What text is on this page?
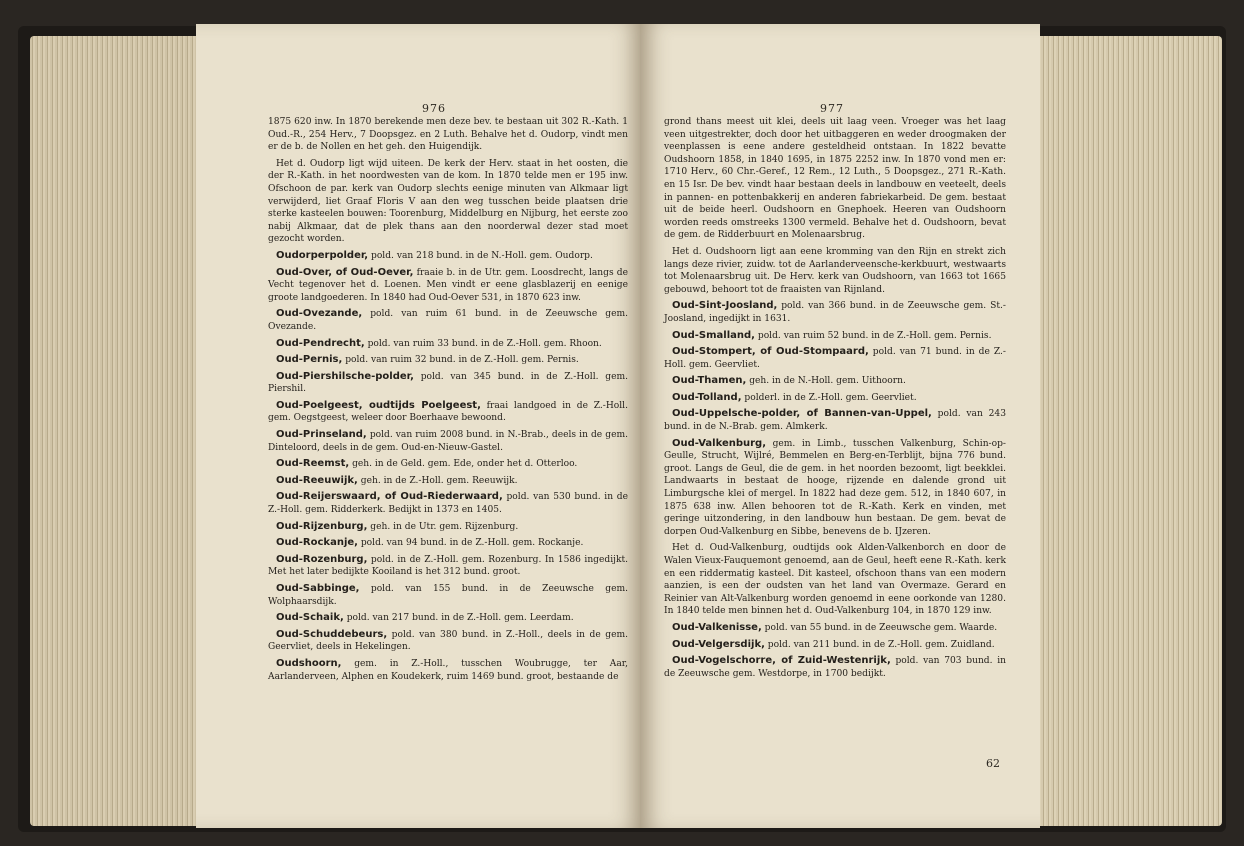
976

1875 620 inw. In 1870 berekende men deze bev. te bestaan uit 302 R.-Kath. 1 Oud.-R., 254 Herv., 7 Doopsgez. en 2 Luth. Behalve het d. Oudorp, vindt men er de b. de Nollen en het geh. den Huigendijk.

Het d. Oudorp ligt wijd uiteen. De kerk der Herv. staat in het oosten, die der R.-Kath. in het noordwesten van de kom. In 1870 telde men er 195 inw. Ofschoon de par. kerk van Oudorp slechts eenige minuten van Alkmaar ligt verwijderd, liet Graaf Floris V aan den weg tusschen beide plaatsen drie sterke kasteelen bouwen: Toorenburg, Middelburg en Nijburg, het eerste zoo nabij Alkmaar, dat de plek thans aan den noorderwal dezer stad moet gezocht worden.

Oudorperpolder, pold. van 218 bund. in de N.-Holl. gem. Oudorp.

Oud-Over, of Oud-Oever, fraaie b. in de Utr. gem. Loosdrecht, langs de Vecht tegenover het d. Loenen. Men vindt er eene glasblazerij en eenige groote landgoederen. In 1840 had Oud-Oever 531, in 1870 623 inw.

Oud-Ovezande, pold. van ruim 61 bund. in de Zeeuwsche gem. Ovezande.

Oud-Pendrecht, pold. van ruim 33 bund. in de Z.-Holl. gem. Rhoon.

Oud-Pernis, pold. van ruim 32 bund. in de Z.-Holl. gem. Pernis.

Oud-Piershilsche-polder, pold. van 345 bund. in de Z.-Holl. gem. Piershil.

Oud-Poelgeest, oudtijds Poelgeest, fraai landgoed in de Z.-Holl. gem. Oegstgeest, weleer door Boerhaave bewoond.

Oud-Prinseland, pold. van ruim 2008 bund. in N.-Brab., deels in de gem. Dinteloord, deels in de gem. Oud-en-Nieuw-Gastel.

Oud-Reemst, geh. in de Geld. gem. Ede, onder het d. Otterloo.

Oud-Reeuwijk, geh. in de Z.-Holl. gem. Reeuwijk.

Oud-Reijerswaard, of Oud-Riederwaard, pold. van 530 bund. in de Z.-Holl. gem. Ridderkerk. Bedijkt in 1373 en 1405.

Oud-Rijzenburg, geh. in de Utr. gem. Rijzenburg.

Oud-Rockanje, pold. van 94 bund. in de Z.-Holl. gem. Rockanje.

Oud-Rozenburg, pold. in de Z.-Holl. gem. Rozenburg. In 1586 ingedijkt. Met het later bedijkte Kooiland is het 312 bund. groot.

Oud-Sabbinge, pold. van 155 bund. in de Zeeuwsche gem. Wolphaarsdijk.

Oud-Schaik, pold. van 217 bund. in de Z.-Holl. gem. Leerdam.

Oud-Schuddebeurs, pold. van 380 bund. in Z.-Holl., deels in de gem. Geervliet, deels in Hekelingen.

Oudshoorn, gem. in Z.-Holl., tusschen Woubrugge, ter Aar, Aarlanderveen, Alphen en Koudekerk, ruim 1469 bund. groot, bestaande de

977

grond thans meest uit klei, deels uit laag veen. Vroeger was het laag veen uitgestrekter, doch door het uitbaggeren en weder droogmaken der veenplassen is eene andere gesteldheid ontstaan. In 1822 bevatte Oudshoorn 1858, in 1840 1695, in 1875 2252 inw. In 1870 vond men er: 1710 Herv., 60 Chr.-Geref., 12 Rem., 12 Luth., 5 Doopsgez., 271 R.-Kath. en 15 Isr. De bev. vindt haar bestaan deels in landbouw en veeteelt, deels in pannen- en pottenbakkerij en anderen fabriekarbeid. De gem. bestaat uit de beide heerl. Oudshoorn en Gnephoek. Heeren van Oudshoorn worden reeds omstreeks 1300 vermeld. Behalve het d. Oudshoorn, bevat de gem. de Ridderbuurt en Molenaarsbrug.

Het d. Oudshoorn ligt aan eene kromming van den Rijn en strekt zich langs deze rivier, zuidw. tot de Aarlanderveensche-kerkbuurt, westwaarts tot Molenaarsbrug uit. De Herv. kerk van Oudshoorn, van 1663 tot 1665 gebouwd, behoort tot de fraaisten van Rijnland.

Oud-Sint-Joosland, pold. van 366 bund. in de Zeeuwsche gem. St.-Joosland, ingedijkt in 1631.

Oud-Smalland, pold. van ruim 52 bund. in de Z.-Holl. gem. Pernis.

Oud-Stompert, of Oud-Stompaard, pold. van 71 bund. in de Z.-Holl. gem. Geervliet.

Oud-Thamen, geh. in de N.-Holl. gem. Uithoorn.

Oud-Tolland, polderl. in de Z.-Holl. gem. Geervliet.

Oud-Uppelsche-polder, of Bannen-van-Uppel, pold. van 243 bund. in de N.-Brab. gem. Almkerk.

Oud-Valkenburg, gem. in Limb., tusschen Valkenburg, Schin-op-Geulle, Strucht, Wijlré, Bemmelen en Berg-en-Terblijt, bijna 776 bund. groot. Langs de Geul, die de gem. in het noorden bezoomt, ligt beekklei. Landwaarts in bestaat de hooge, rijzende en dalende grond uit Limburgsche klei of mergel. In 1822 had deze gem. 512, in 1840 607, in 1875 638 inw. Allen behooren tot de R.-Kath. Kerk en vinden, met geringe uitzondering, in den landbouw hun bestaan. De gem. bevat de dorpen Oud-Valkenburg en Sibbe, benevens de b. IJzeren.

Het d. Oud-Valkenburg, oudtijds ook Alden-Valkenborch en door de Walen Vieux-Fauquemont genoemd, aan de Geul, heeft eene R.-Kath. kerk en een riddermatig kasteel. Dit kasteel, ofschoon thans van een modern aanzien, is een der oudsten van het land van Overmaze. Gerard en Reinier van Alt-Valkenburg worden genoemd in eene oorkonde van 1280. In 1840 telde men binnen het d. Oud-Valkenburg 104, in 1870 129 inw.

Oud-Valkenisse, pold. van 55 bund. in de Zeeuwsche gem. Waarde.

Oud-Velgersdijk, pold. van 211 bund. in de Z.-Holl. gem. Zuidland.

Oud-Vogelschorre, of Zuid-Westenrijk, pold. van 703 bund. in de Zeeuwsche gem. Westdorpe, in 1700 bedijkt.

62
